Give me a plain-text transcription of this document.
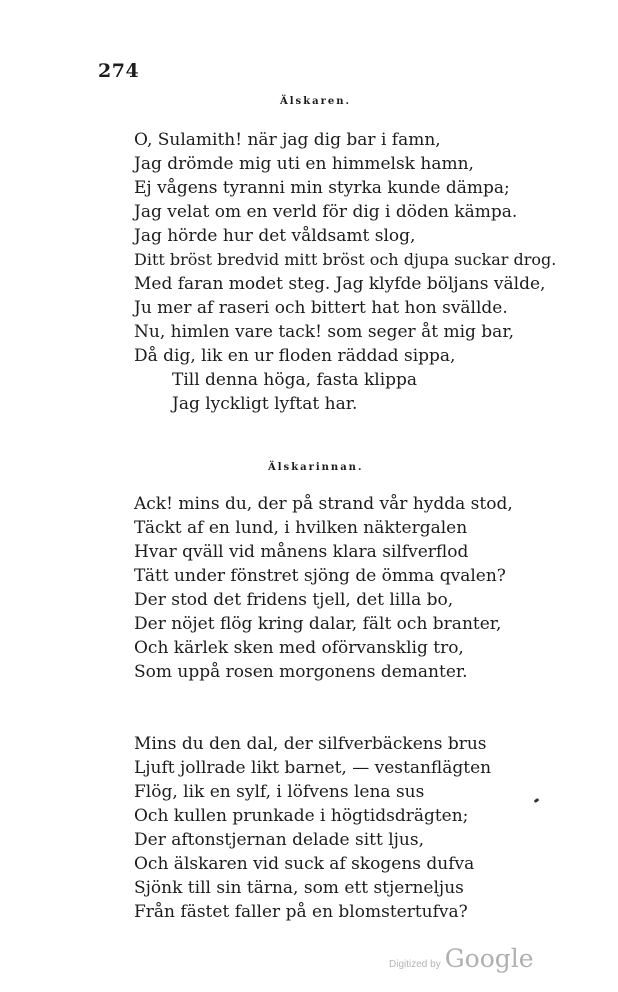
274
Älskaren.
O, Sulamith! när jag dig bar i famn,
Jag drömde mig uti en himmelsk hamn,
Ej vågens tyranni min styrka kunde dämpa;
Jag velat om en verld för dig i döden kämpa.
Jag hörde hur det våldsamt slog,
Ditt bröst bredvid mitt bröst och djupa suckar drog.
Med faran modet steg. Jag klyfde böljans välde,
Ju mer af raseri och bittert hat hon svällde.
Nu, himlen vare tack! som seger åt mig bar,
Då dig, lik en ur floden räddad sippa,
Till denna höga, fasta klippa
Jag lyckligt lyftat har.
Älskarinnan.
Ack! mins du, der på strand vår hydda stod,
Täckt af en lund, i hvilken näktergalen
Hvar qväll vid månens klara silfverflod
Tätt under fönstret sjöng de ömma qvalen?
Der stod det fridens tjell, det lilla bo,
Der nöjet flög kring dalar, fält och branter,
Och kärlek sken med oförvansklig tro,
Som uppå rosen morgonens demanter.
Mins du den dal, der silfverbäckens brus
Ljuft jollrade likt barnet, — vestanflägten
Flög, lik en sylf, i löfvens lena sus
Och kullen prunkade i högtidsdrägten;
Der aftonstjernan delade sitt ljus,
Och älskaren vid suck af skogens dufva
Sjönk till sin tärna, som ett stjerneljus
Från fästet faller på en blomstertufva?
Digitized by Google
